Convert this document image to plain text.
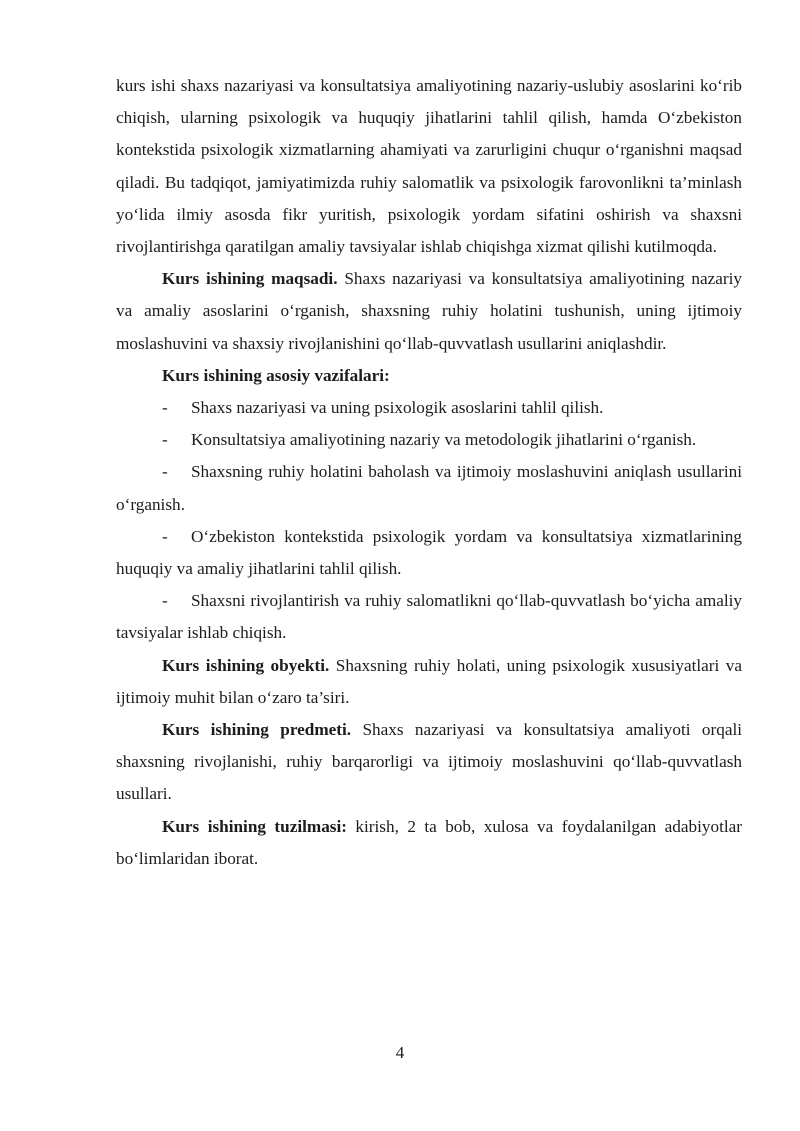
kurs ishi shaxs nazariyasi va konsultatsiya amaliyotining nazariy-uslubiy asoslarini ko‘rib chiqish, ularning psixologik va huquqiy jihatlarini tahlil qilish, hamda O‘zbekiston kontekstida psixologik xizmatlarning ahamiyati va zarurligini chuqur o‘rganishni maqsad qiladi. Bu tadqiqot, jamiyatimizda ruhiy salomatlik va psixologik farovonlikni ta’minlash yo‘lida ilmiy asosda fikr yuritish, psixologik yordam sifatini oshirish va shaxsni rivojlantirishga qaratilgan amaliy tavsiyalar ishlab chiqishga xizmat qilishi kutilmoqda.

Kurs ishining maqsadi. Shaxs nazariyasi va konsultatsiya amaliyotining nazariy va amaliy asoslarini o‘rganish, shaxsning ruhiy holatini tushunish, uning ijtimoiy moslashuvini va shaxsiy rivojlanishini qo‘llab-quvvatlash usullarini aniqlashdir.

Kurs ishining asosiy vazifalari:

- Shaxs nazariyasi va uning psixologik asoslarini tahlil qilish.

- Konsultatsiya amaliyotining nazariy va metodologik jihatlarini o‘rganish.

- Shaxsning ruhiy holatini baholash va ijtimoiy moslashuvini aniqlash usullarini o‘rganish.

- O‘zbekiston kontekstida psixologik yordam va konsultatsiya xizmatlarining huquqiy va amaliy jihatlarini tahlil qilish.

- Shaxsni rivojlantirish va ruhiy salomatlikni qo‘llab-quvvatlash bo‘yicha amaliy tavsiyalar ishlab chiqish.

Kurs ishining obyekti. Shaxsning ruhiy holati, uning psixologik xususiyatlari va ijtimoiy muhit bilan o‘zaro ta’siri.

Kurs ishining predmeti. Shaxs nazariyasi va konsultatsiya amaliyoti orqali shaxsning rivojlanishi, ruhiy barqarorligi va ijtimoiy moslashuvini qo‘llab-quvvatlash usullari.

Kurs ishining tuzilmasi: kirish, 2 ta bob, xulosa va foydalanilgan adabiyotlar bo‘limlaridan iborat.

4
